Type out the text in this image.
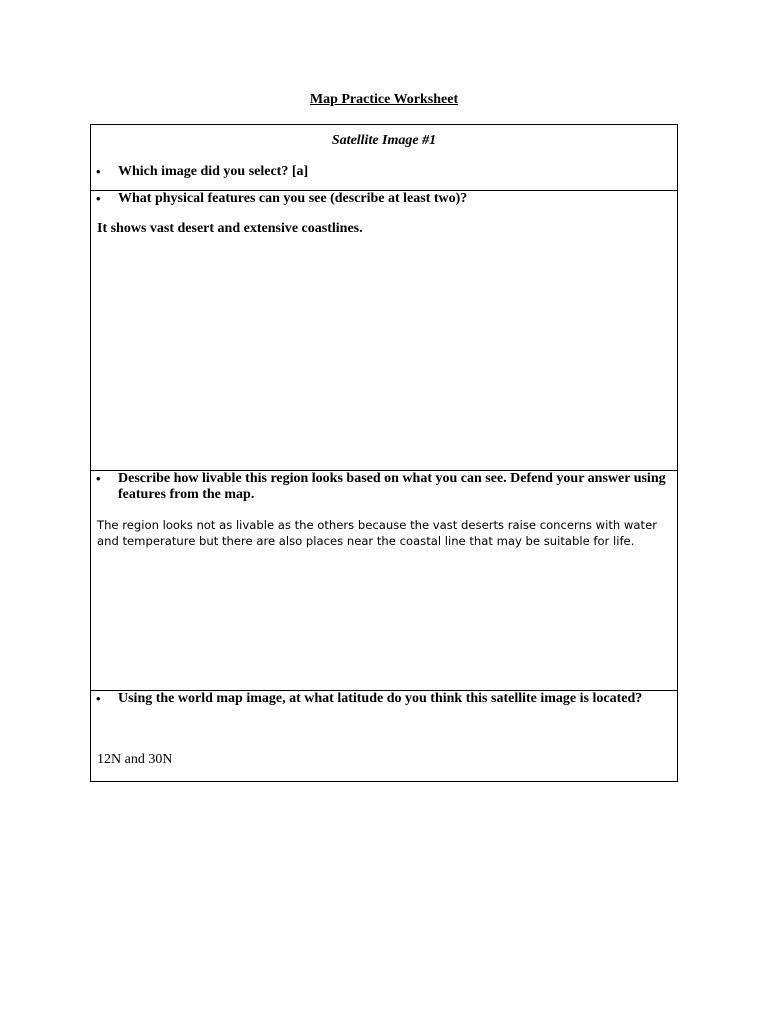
Map Practice Worksheet
Satellite Image #1
• Which image did you select? [a]
• What physical features can you see (describe at least two)?
It shows vast desert and extensive coastlines.
• Describe how livable this region looks based on what you can see. Defend your answer using features from the map.
The region looks not as livable as the others because the vast deserts raise concerns with water and temperature but there are also places near the coastal line that may be suitable for life.
• Using the world map image, at what latitude do you think this satellite image is located?
12N and 30N
